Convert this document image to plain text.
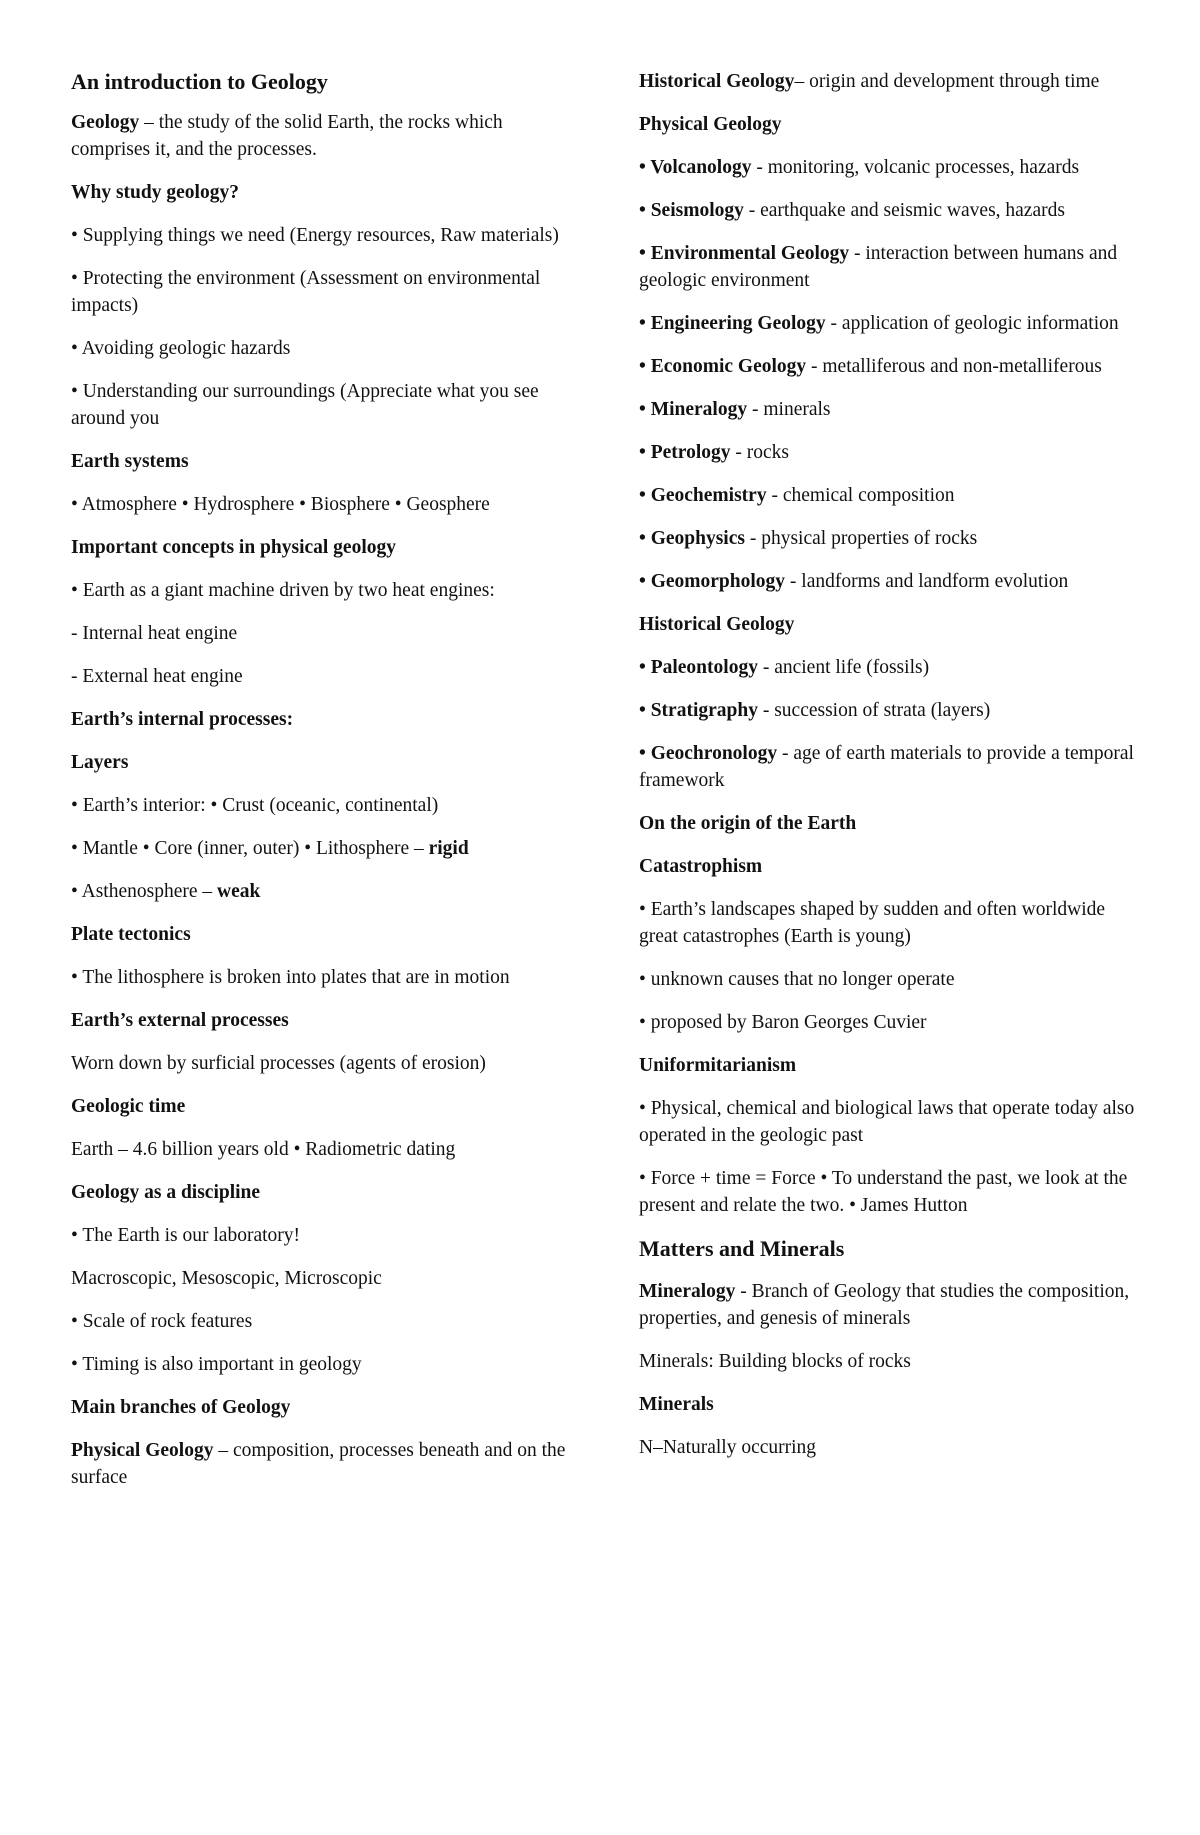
An introduction to Geology

Geology – the study of the solid Earth, the rocks which comprises it, and the processes.

Why study geology?

• Supplying things we need (Energy resources, Raw materials)

• Protecting the environment (Assessment on environmental impacts)

• Avoiding geologic hazards

• Understanding our surroundings (Appreciate what you see around you

Earth systems

• Atmosphere • Hydrosphere • Biosphere • Geosphere

Important concepts in physical geology

• Earth as a giant machine driven by two heat engines:

- Internal heat engine

- External heat engine

Earth’s internal processes:

Layers

• Earth’s interior: • Crust (oceanic, continental)

• Mantle • Core (inner, outer) • Lithosphere – rigid

• Asthenosphere – weak

Plate tectonics

• The lithosphere is broken into plates that are in motion

Earth’s external processes

Worn down by surficial processes (agents of erosion)

Geologic time

Earth – 4.6 billion years old • Radiometric dating

Geology as a discipline

• The Earth is our laboratory!

Macroscopic, Mesoscopic, Microscopic

• Scale of rock features

• Timing is also important in geology

Main branches of Geology

Physical Geology – composition, processes beneath and on the surface

Historical Geology– origin and development through time

Physical Geology

• Volcanology - monitoring, volcanic processes, hazards

• Seismology - earthquake and seismic waves, hazards

• Environmental Geology - interaction between humans and geologic environment

• Engineering Geology - application of geologic information

• Economic Geology - metalliferous and non-metalliferous

• Mineralogy - minerals

• Petrology - rocks

• Geochemistry - chemical composition

• Geophysics - physical properties of rocks

• Geomorphology - landforms and landform evolution

Historical Geology

• Paleontology - ancient life (fossils)

• Stratigraphy - succession of strata (layers)

• Geochronology - age of earth materials to provide a temporal framework

On the origin of the Earth

Catastrophism

• Earth’s landscapes shaped by sudden and often worldwide great catastrophes (Earth is young)

• unknown causes that no longer operate

• proposed by Baron Georges Cuvier

Uniformitarianism

• Physical, chemical and biological laws that operate today also operated in the geologic past

• Force + time = Force • To understand the past, we look at the present and relate the two. • James Hutton

Matters and Minerals

Mineralogy - Branch of Geology that studies the composition, properties, and genesis of minerals

Minerals: Building blocks of rocks

Minerals

N–Naturally occurring
